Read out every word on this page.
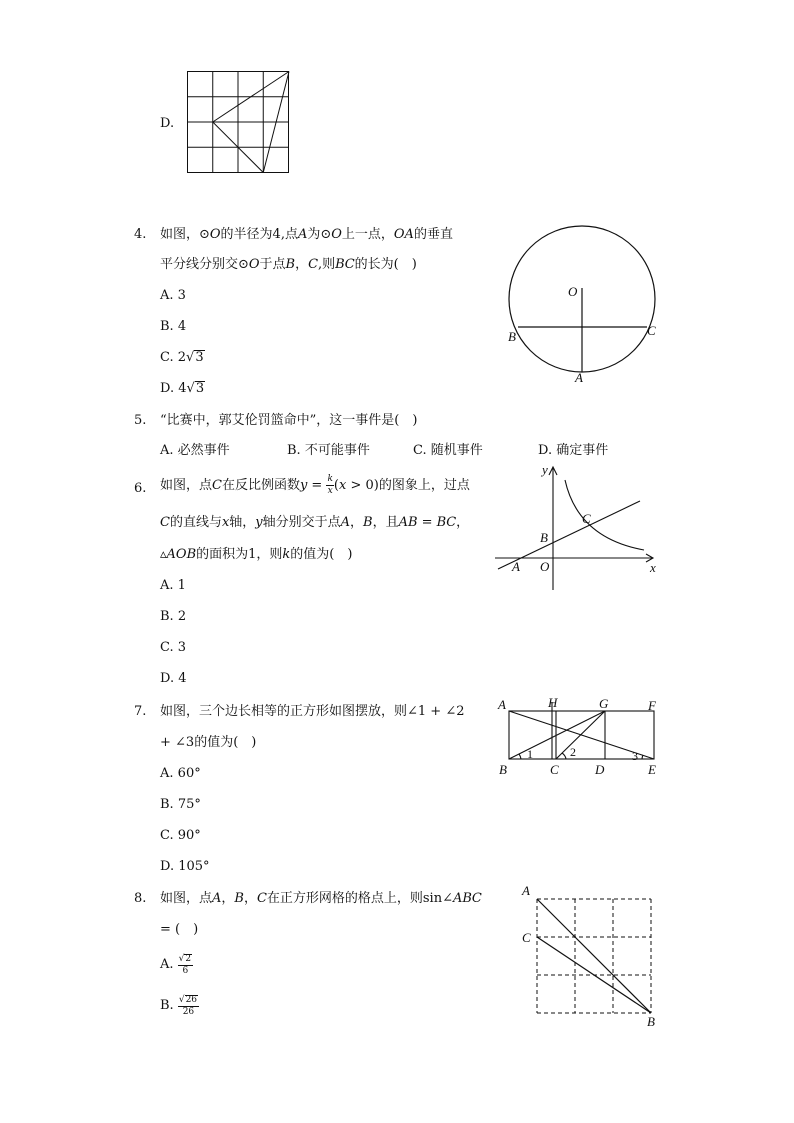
D.
4. 如图，⊙𝑂的半径为4,点𝐴为⊙𝑂上一点，𝑂𝐴的垂直
平分线分别交⊙𝑂于点𝐵，𝐶,则𝐵𝐶的长为(　)
A. 3
B. 4
C. 2√3
D. 4√3
O
B	C
A
5. “比赛中，郭艾伦罚篮命中”，这一事件是(　)
A. 必然事件	B. 不可能事件	C. 随机事件	D. 确定事件
6. 如图，点𝐶在反比例函数𝑦 = $\frac{\text{𝑘}}{\text{𝑥}}$ (𝑥 > 0)的图象上，过点
𝐶的直线与𝑥轴，𝑦轴分别交于点𝐴，𝐵，且𝐴𝐵 = 𝐵𝐶，
▵𝐴𝑂𝐵的面积为1，则𝑘的值为(　)
A. 1
B. 2
C. 3
D. 4
y
x
C
B
A O
7. 如图，三个边长相等的正方形如图摆放，则∠1 + ∠2
+ ∠3的值为(　)
A. 60°
B. 75°
C. 90°
D. 105°
A	H	G	F
B	C	D	E
1	2	3
8. 如图，点𝐴，𝐵，𝐶在正方形网格的格点上，则sin∠𝐴𝐵𝐶
= (　)
A. $\frac{√2}{6}$
B. $\frac{√26}{26}$
A
C
B
